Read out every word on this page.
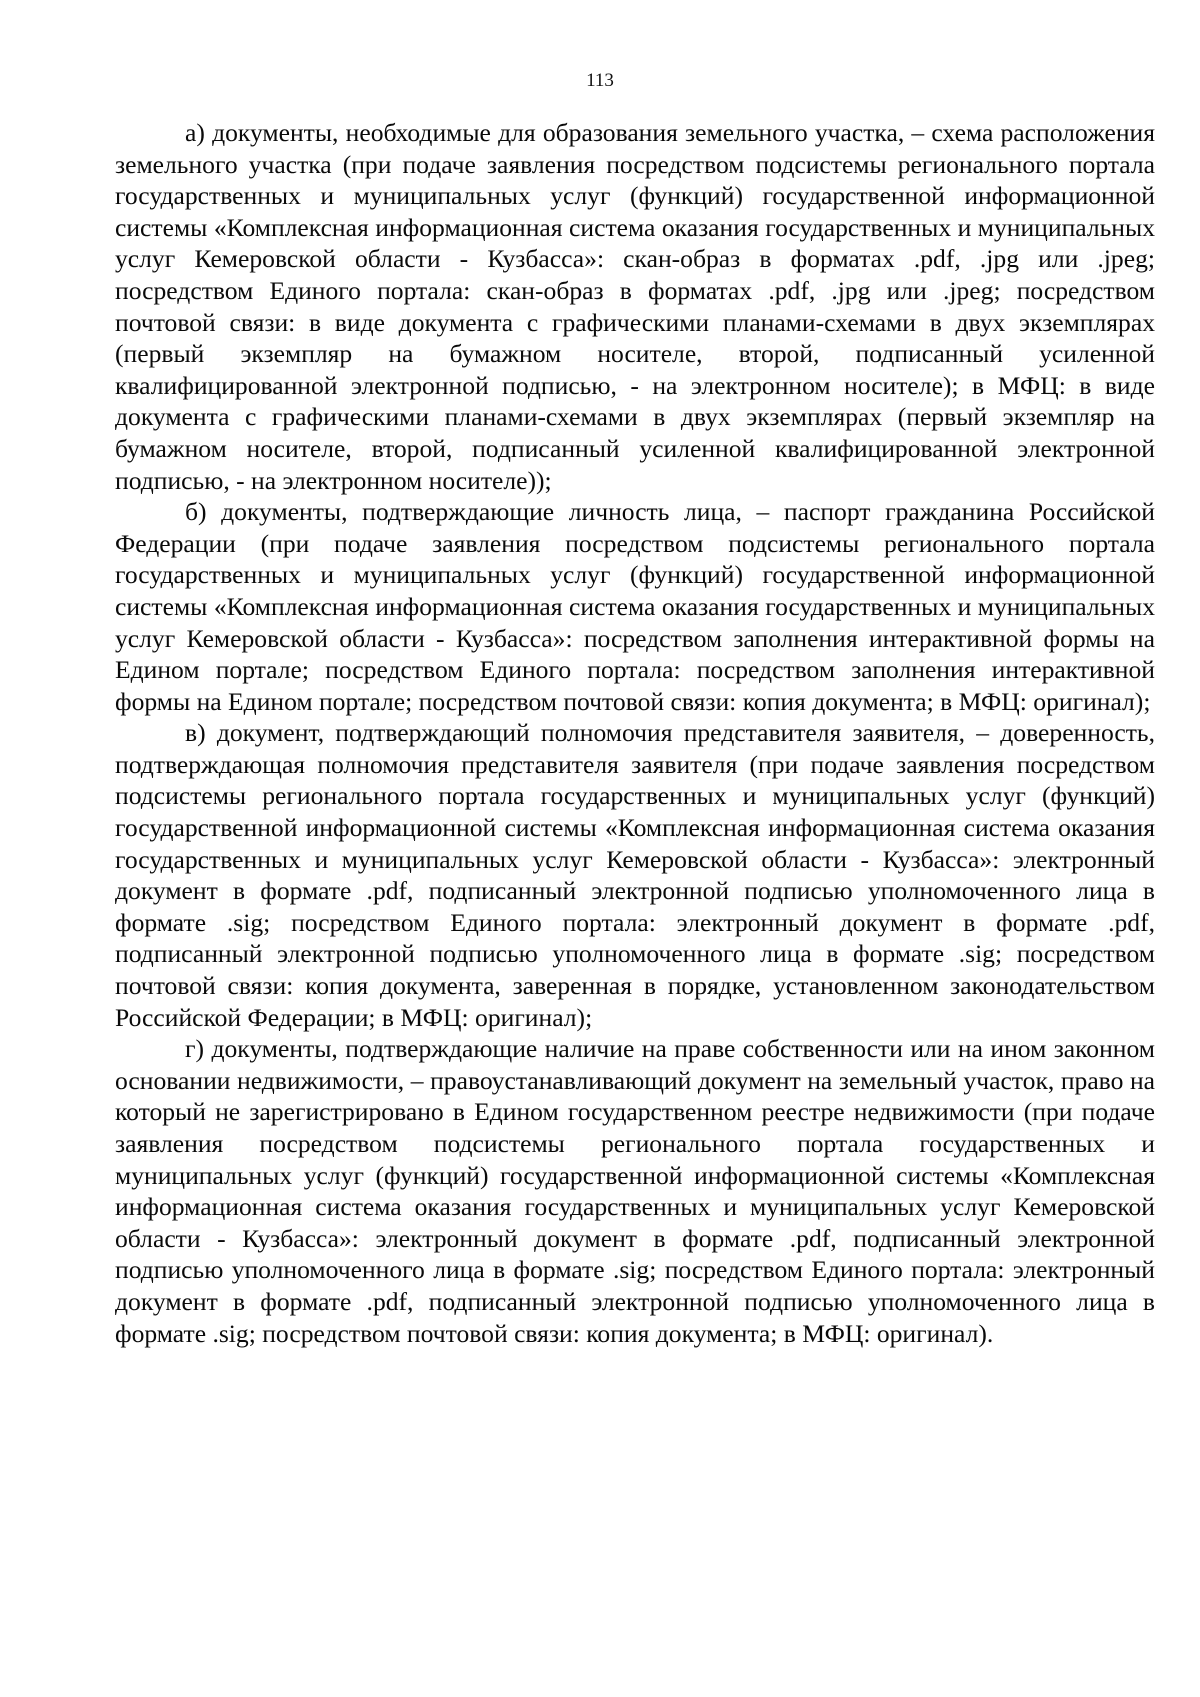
113

а) документы, необходимые для образования земельного участка, – схема расположения земельного участка (при подаче заявления посредством подсистемы регионального портала государственных и муниципальных услуг (функций) государственной информационной системы «Комплексная информационная система оказания государственных и муниципальных услуг Кемеровской области - Кузбасса»: скан-образ в форматах .pdf, .jpg или .jpeg; посредством Единого портала: скан-образ в форматах .pdf, .jpg или .jpeg; посредством почтовой связи: в виде документа с графическими планами-схемами в двух экземплярах (первый экземпляр на бумажном носителе, второй, подписанный усиленной квалифицированной электронной подписью, - на электронном носителе); в МФЦ: в виде документа с графическими планами-схемами в двух экземплярах (первый экземпляр на бумажном носителе, второй, подписанный усиленной квалифицированной электронной подписью, - на электронном носителе));

б) документы, подтверждающие личность лица, – паспорт гражданина Российской Федерации (при подаче заявления посредством подсистемы регионального портала государственных и муниципальных услуг (функций) государственной информационной системы «Комплексная информационная система оказания государственных и муниципальных услуг Кемеровской области - Кузбасса»: посредством заполнения интерактивной формы на Едином портале; посредством Единого портала: посредством заполнения интерактивной формы на Едином портале; посредством почтовой связи: копия документа; в МФЦ: оригинал);

в) документ, подтверждающий полномочия представителя заявителя, – доверенность, подтверждающая полномочия представителя заявителя (при подаче заявления посредством подсистемы регионального портала государственных и муниципальных услуг (функций) государственной информационной системы «Комплексная информационная система оказания государственных и муниципальных услуг Кемеровской области - Кузбасса»: электронный документ в формате .pdf, подписанный электронной подписью уполномоченного лица в формате .sig; посредством Единого портала: электронный документ в формате .pdf, подписанный электронной подписью уполномоченного лица в формате .sig; посредством почтовой связи: копия документа, заверенная в порядке, установленном законодательством Российской Федерации; в МФЦ: оригинал);

г) документы, подтверждающие наличие на праве собственности или на ином законном основании недвижимости, – правоустанавливающий документ на земельный участок, право на который не зарегистрировано в Едином государственном реестре недвижимости (при подаче заявления посредством подсистемы регионального портала государственных и муниципальных услуг (функций) государственной информационной системы «Комплексная информационная система оказания государственных и муниципальных услуг Кемеровской области - Кузбасса»: электронный документ в формате .pdf, подписанный электронной подписью уполномоченного лица в формате .sig; посредством Единого портала: электронный документ в формате .pdf, подписанный электронной подписью уполномоченного лица в формате .sig; посредством почтовой связи: копия документа; в МФЦ: оригинал).
